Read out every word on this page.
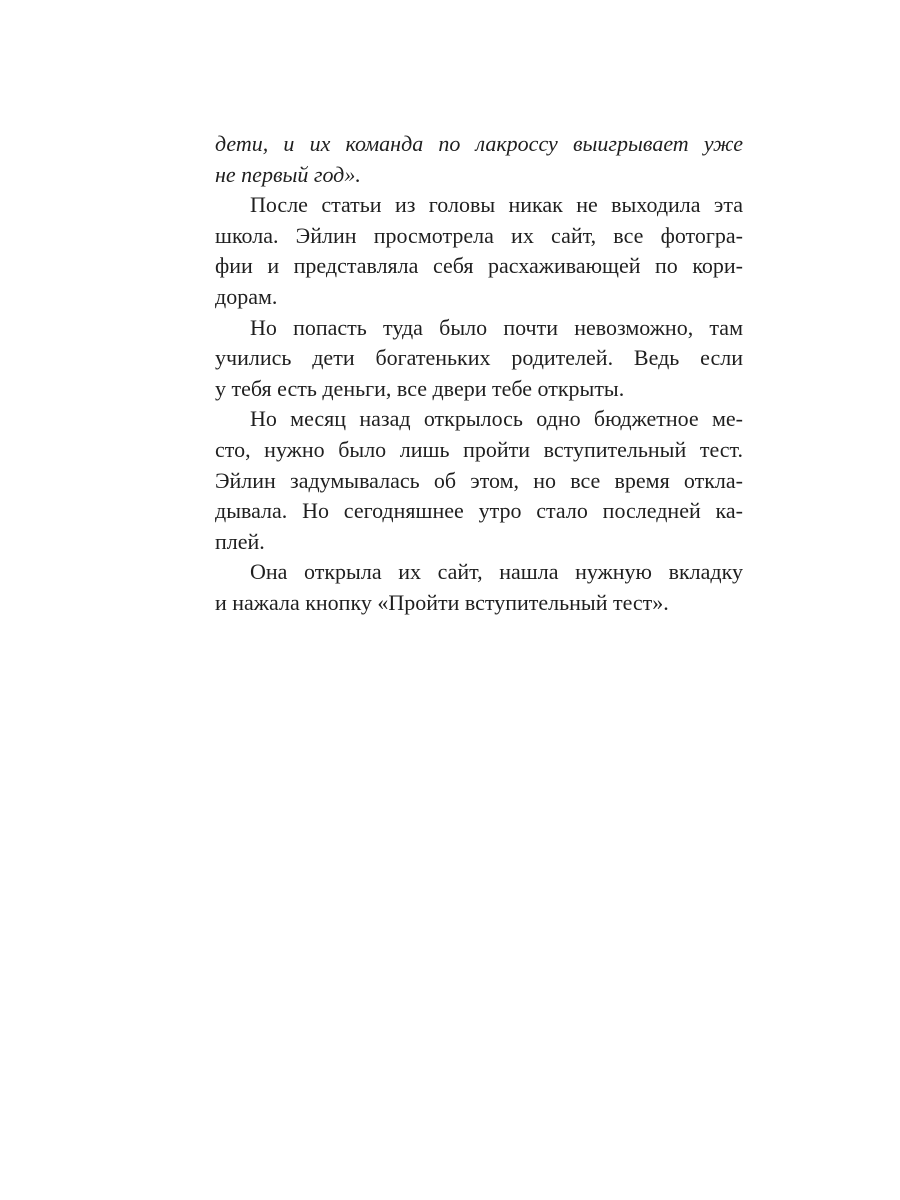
дети, и их команда по лакроссу выигрывает уже
не первый год».
После статьи из головы никак не выходила эта
школа. Эйлин просмотрела их сайт, все фотогра-
фии и представляла себя расхаживающей по кори-
дорам.
Но попасть туда было почти невозможно, там
учились дети богатеньких родителей. Ведь если
у тебя есть деньги, все двери тебе открыты.
Но месяц назад открылось одно бюджетное ме-
сто, нужно было лишь пройти вступительный тест.
Эйлин задумывалась об этом, но все время откла-
дывала. Но сегодняшнее утро стало последней ка-
плей.
Она открыла их сайт, нашла нужную вкладку
и нажала кнопку «Пройти вступительный тест».
